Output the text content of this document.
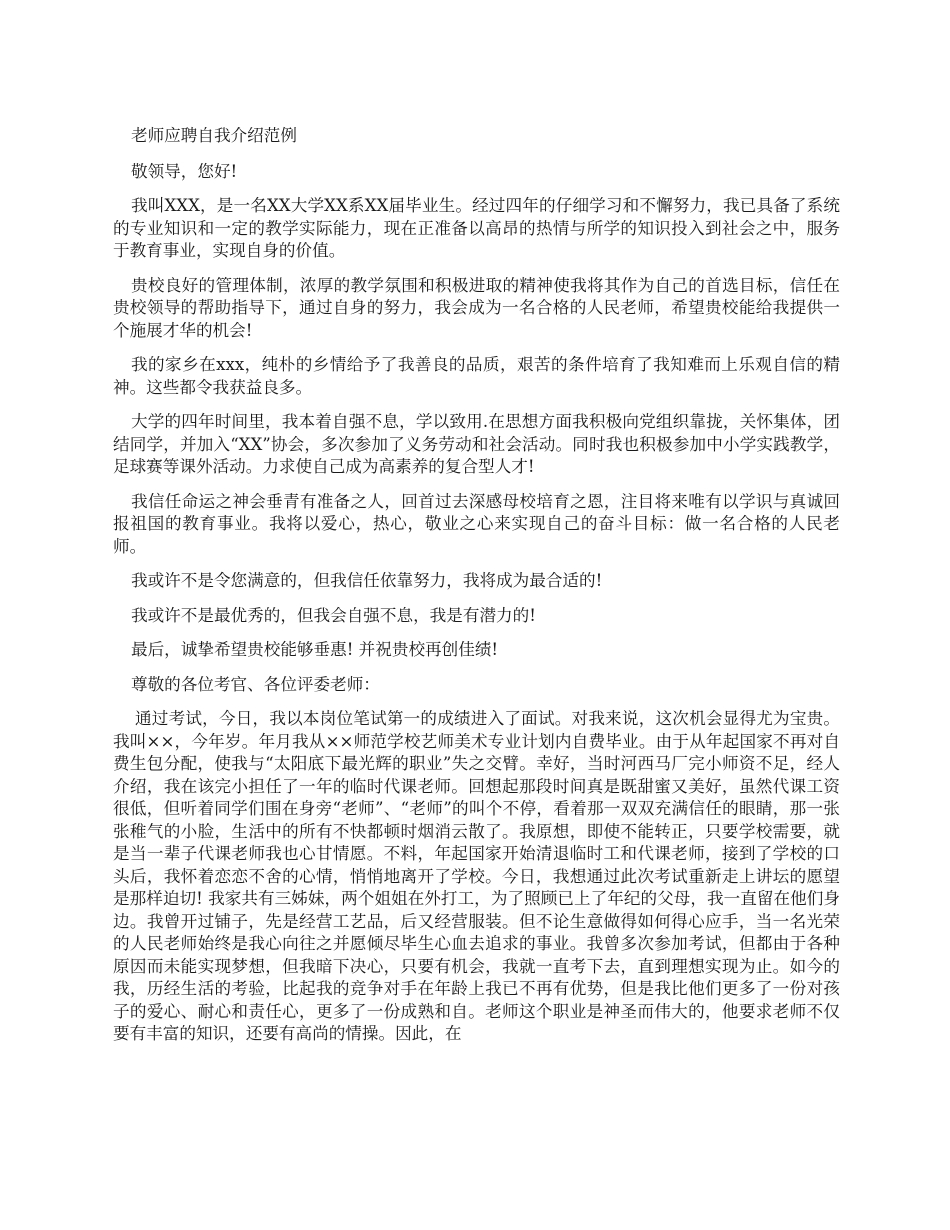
老师应聘自我介绍范例

敬领导，您好!

我叫XXX，是一名XX大学XX系XX届毕业生。经过四年的仔细学习和不懈努力，我已具备了系统的专业知识和一定的教学实际能力，现在正准备以高昂的热情与所学的知识投入到社会之中，服务于教育事业，实现自身的价值。

贵校良好的管理体制，浓厚的教学氛围和积极进取的精神使我将其作为自己的首选目标，信任在贵校领导的帮助指导下，通过自身的努力，我会成为一名合格的人民老师，希望贵校能给我提供一个施展才华的机会!

我的家乡在xxx，纯朴的乡情给予了我善良的品质，艰苦的条件培育了我知难而上乐观自信的精神。这些都令我获益良多。

大学的四年时间里，我本着自强不息，学以致用.在思想方面我积极向党组织靠拢，关怀集体，团结同学，并加入“XX”协会，多次参加了义务劳动和社会活动。同时我也积极参加中小学实践教学，足球赛等课外活动。力求使自己成为高素养的复合型人才!

我信任命运之神会垂青有准备之人，回首过去深感母校培育之恩，注目将来唯有以学识与真诚回报祖国的教育事业。我将以爱心，热心，敬业之心来实现自己的奋斗目标：做一名合格的人民老师。

我或许不是令您满意的，但我信任依靠努力，我将成为最合适的!

我或许不是最优秀的，但我会自强不息，我是有潜力的!

最后，诚挚希望贵校能够垂惠! 并祝贵校再创佳绩!

尊敬的各位考官、各位评委老师：

通过考试，今日，我以本岗位笔试第一的成绩进入了面试。对我来说，这次机会显得尤为宝贵。我叫××，今年岁。年月我从××师范学校艺师美术专业计划内自费毕业。由于从年起国家不再对自费生包分配，使我与“太阳底下最光辉的职业”失之交臂。幸好，当时河西马厂完小师资不足，经人介绍，我在该完小担任了一年的临时代课老师。回想起那段时间真是既甜蜜又美好，虽然代课工资很低，但听着同学们围在身旁“老师”、“老师”的叫个不停，看着那一双双充满信任的眼睛，那一张张稚气的小脸，生活中的所有不快都顿时烟消云散了。我原想，即使不能转正，只要学校需要，就是当一辈子代课老师我也心甘情愿。不料，年起国家开始清退临时工和代课老师，接到了学校的口头后，我怀着恋恋不舍的心情，悄悄地离开了学校。今日，我想通过此次考试重新走上讲坛的愿望是那样迫切! 我家共有三姊妹，两个姐姐在外打工，为了照顾已上了年纪的父母，我一直留在他们身边。我曾开过铺子，先是经营工艺品，后又经营服装。但不论生意做得如何得心应手，当一名光荣的人民老师始终是我心向往之并愿倾尽毕生心血去追求的事业。我曾多次参加考试，但都由于各种原因而未能实现梦想，但我暗下决心，只要有机会，我就一直考下去，直到理想实现为止。如今的我，历经生活的考验，比起我的竞争对手在年龄上我已不再有优势，但是我比他们更多了一份对孩子的爱心、耐心和责任心，更多了一份成熟和自。老师这个职业是神圣而伟大的，他要求老师不仅要有丰富的知识，还要有高尚的情操。因此，在
